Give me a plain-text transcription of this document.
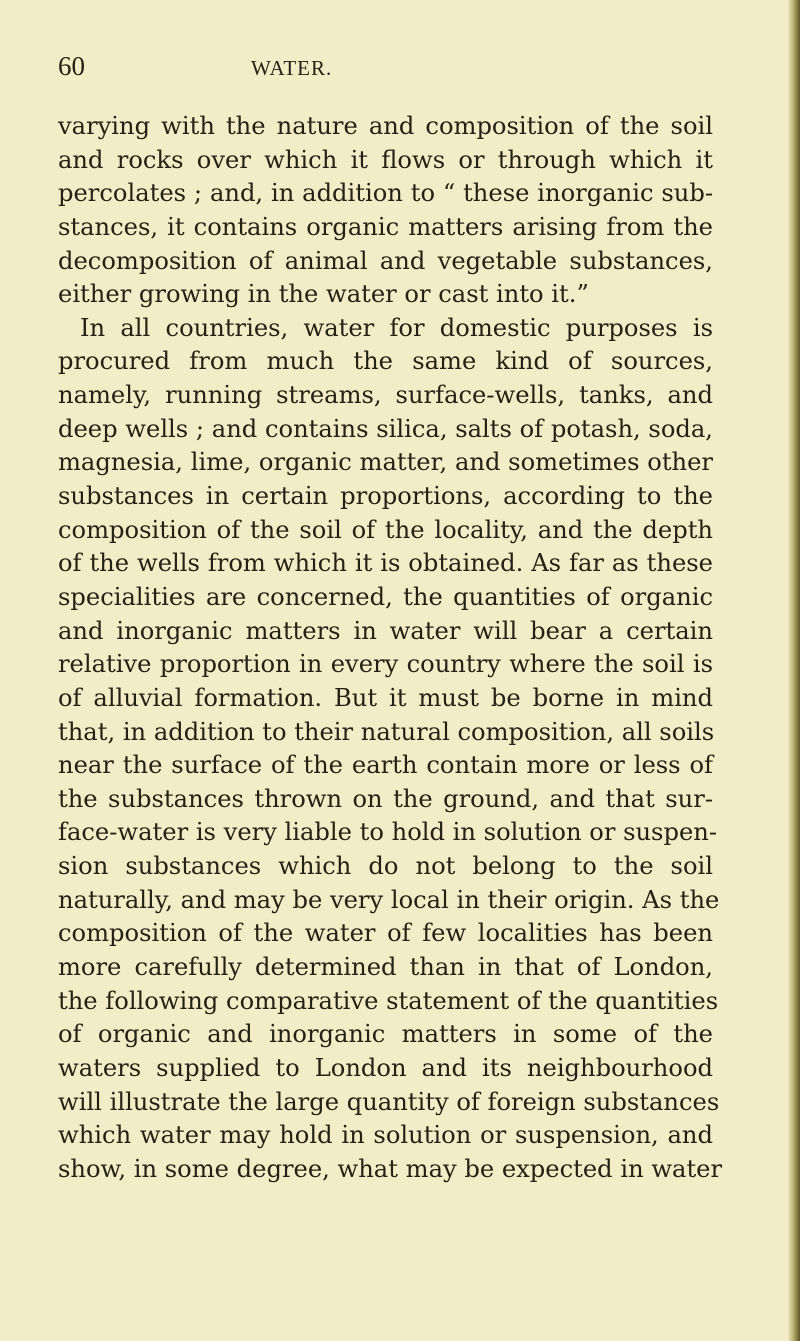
60	WATER.
varying with the nature and composition of the soil
and rocks over which it flows or through which it
percolates ; and, in addition to “ these inorganic sub-
stances, it contains organic matters arising from the
decomposition of animal and vegetable substances,
either growing in the water or cast into it.”
In all countries, water for domestic purposes is
procured from much the same kind of sources,
namely, running streams, surface-wells, tanks, and
deep wells ; and contains silica, salts of potash, soda,
magnesia, lime, organic matter, and sometimes other
substances in certain proportions, according to the
composition of the soil of the locality, and the depth
of the wells from which it is obtained. As far as these
specialities are concerned, the quantities of organic
and inorganic matters in water will bear a certain
relative proportion in every country where the soil is
of alluvial formation. But it must be borne in mind
that, in addition to their natural composition, all soils
near the surface of the earth contain more or less of
the substances thrown on the ground, and that sur-
face-water is very liable to hold in solution or suspen-
sion substances which do not belong to the soil
naturally, and may be very local in their origin. As the
composition of the water of few localities has been
more carefully determined than in that of London,
the following comparative statement of the quantities
of organic and inorganic matters in some of the
waters supplied to London and its neighbourhood
will illustrate the large quantity of foreign substances
which water may hold in solution or suspension, and
show, in some degree, what may be expected in water
